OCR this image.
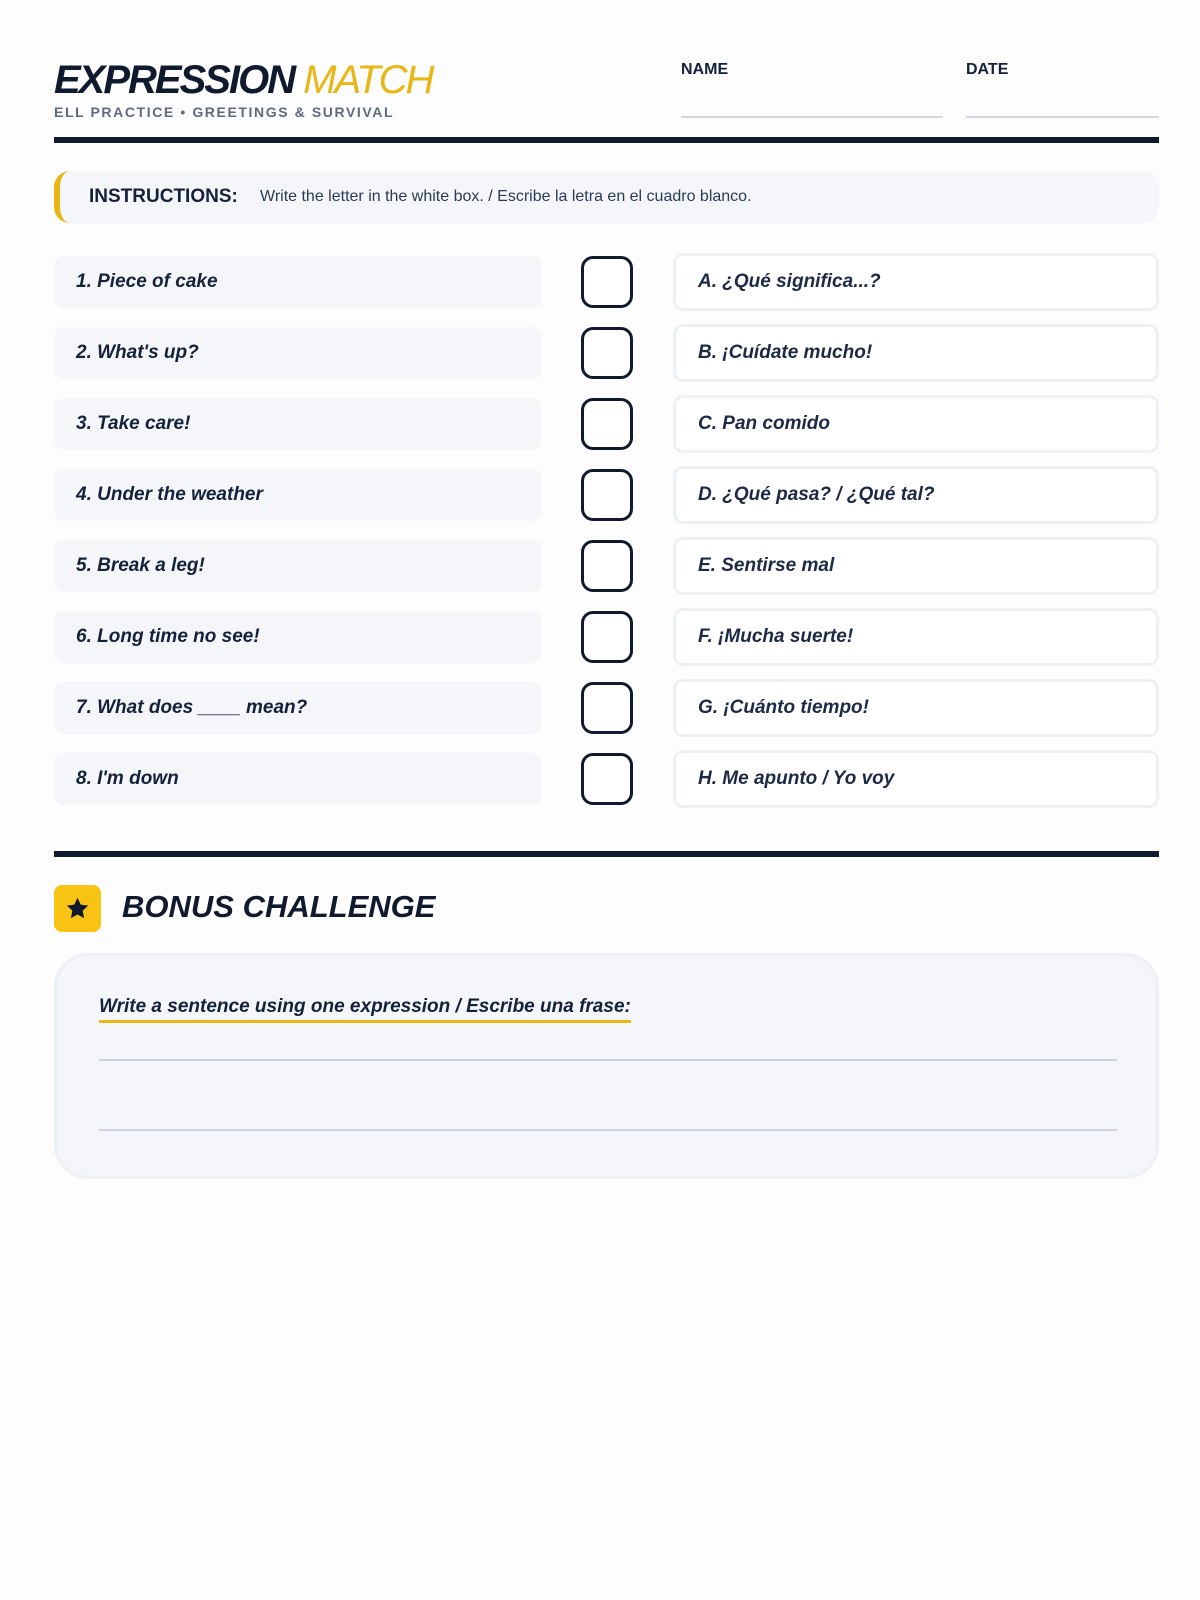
EXPRESSION MATCH
ELL PRACTICE • GREETINGS & SURVIVAL
NAME	DATE
INSTRUCTIONS: Write the letter in the white box. / Escribe la letra en el cuadro blanco.
1. Piece of cake	A. ¿Qué significa...?
2. What's up?	B. ¡Cuídate mucho!
3. Take care!	C. Pan comido
4. Under the weather	D. ¿Qué pasa? / ¿Qué tal?
5. Break a leg!	E. Sentirse mal
6. Long time no see!	F. ¡Mucha suerte!
7. What does ____ mean?	G. ¡Cuánto tiempo!
8. I'm down	H. Me apunto / Yo voy
BONUS CHALLENGE
Write a sentence using one expression / Escribe una frase:
